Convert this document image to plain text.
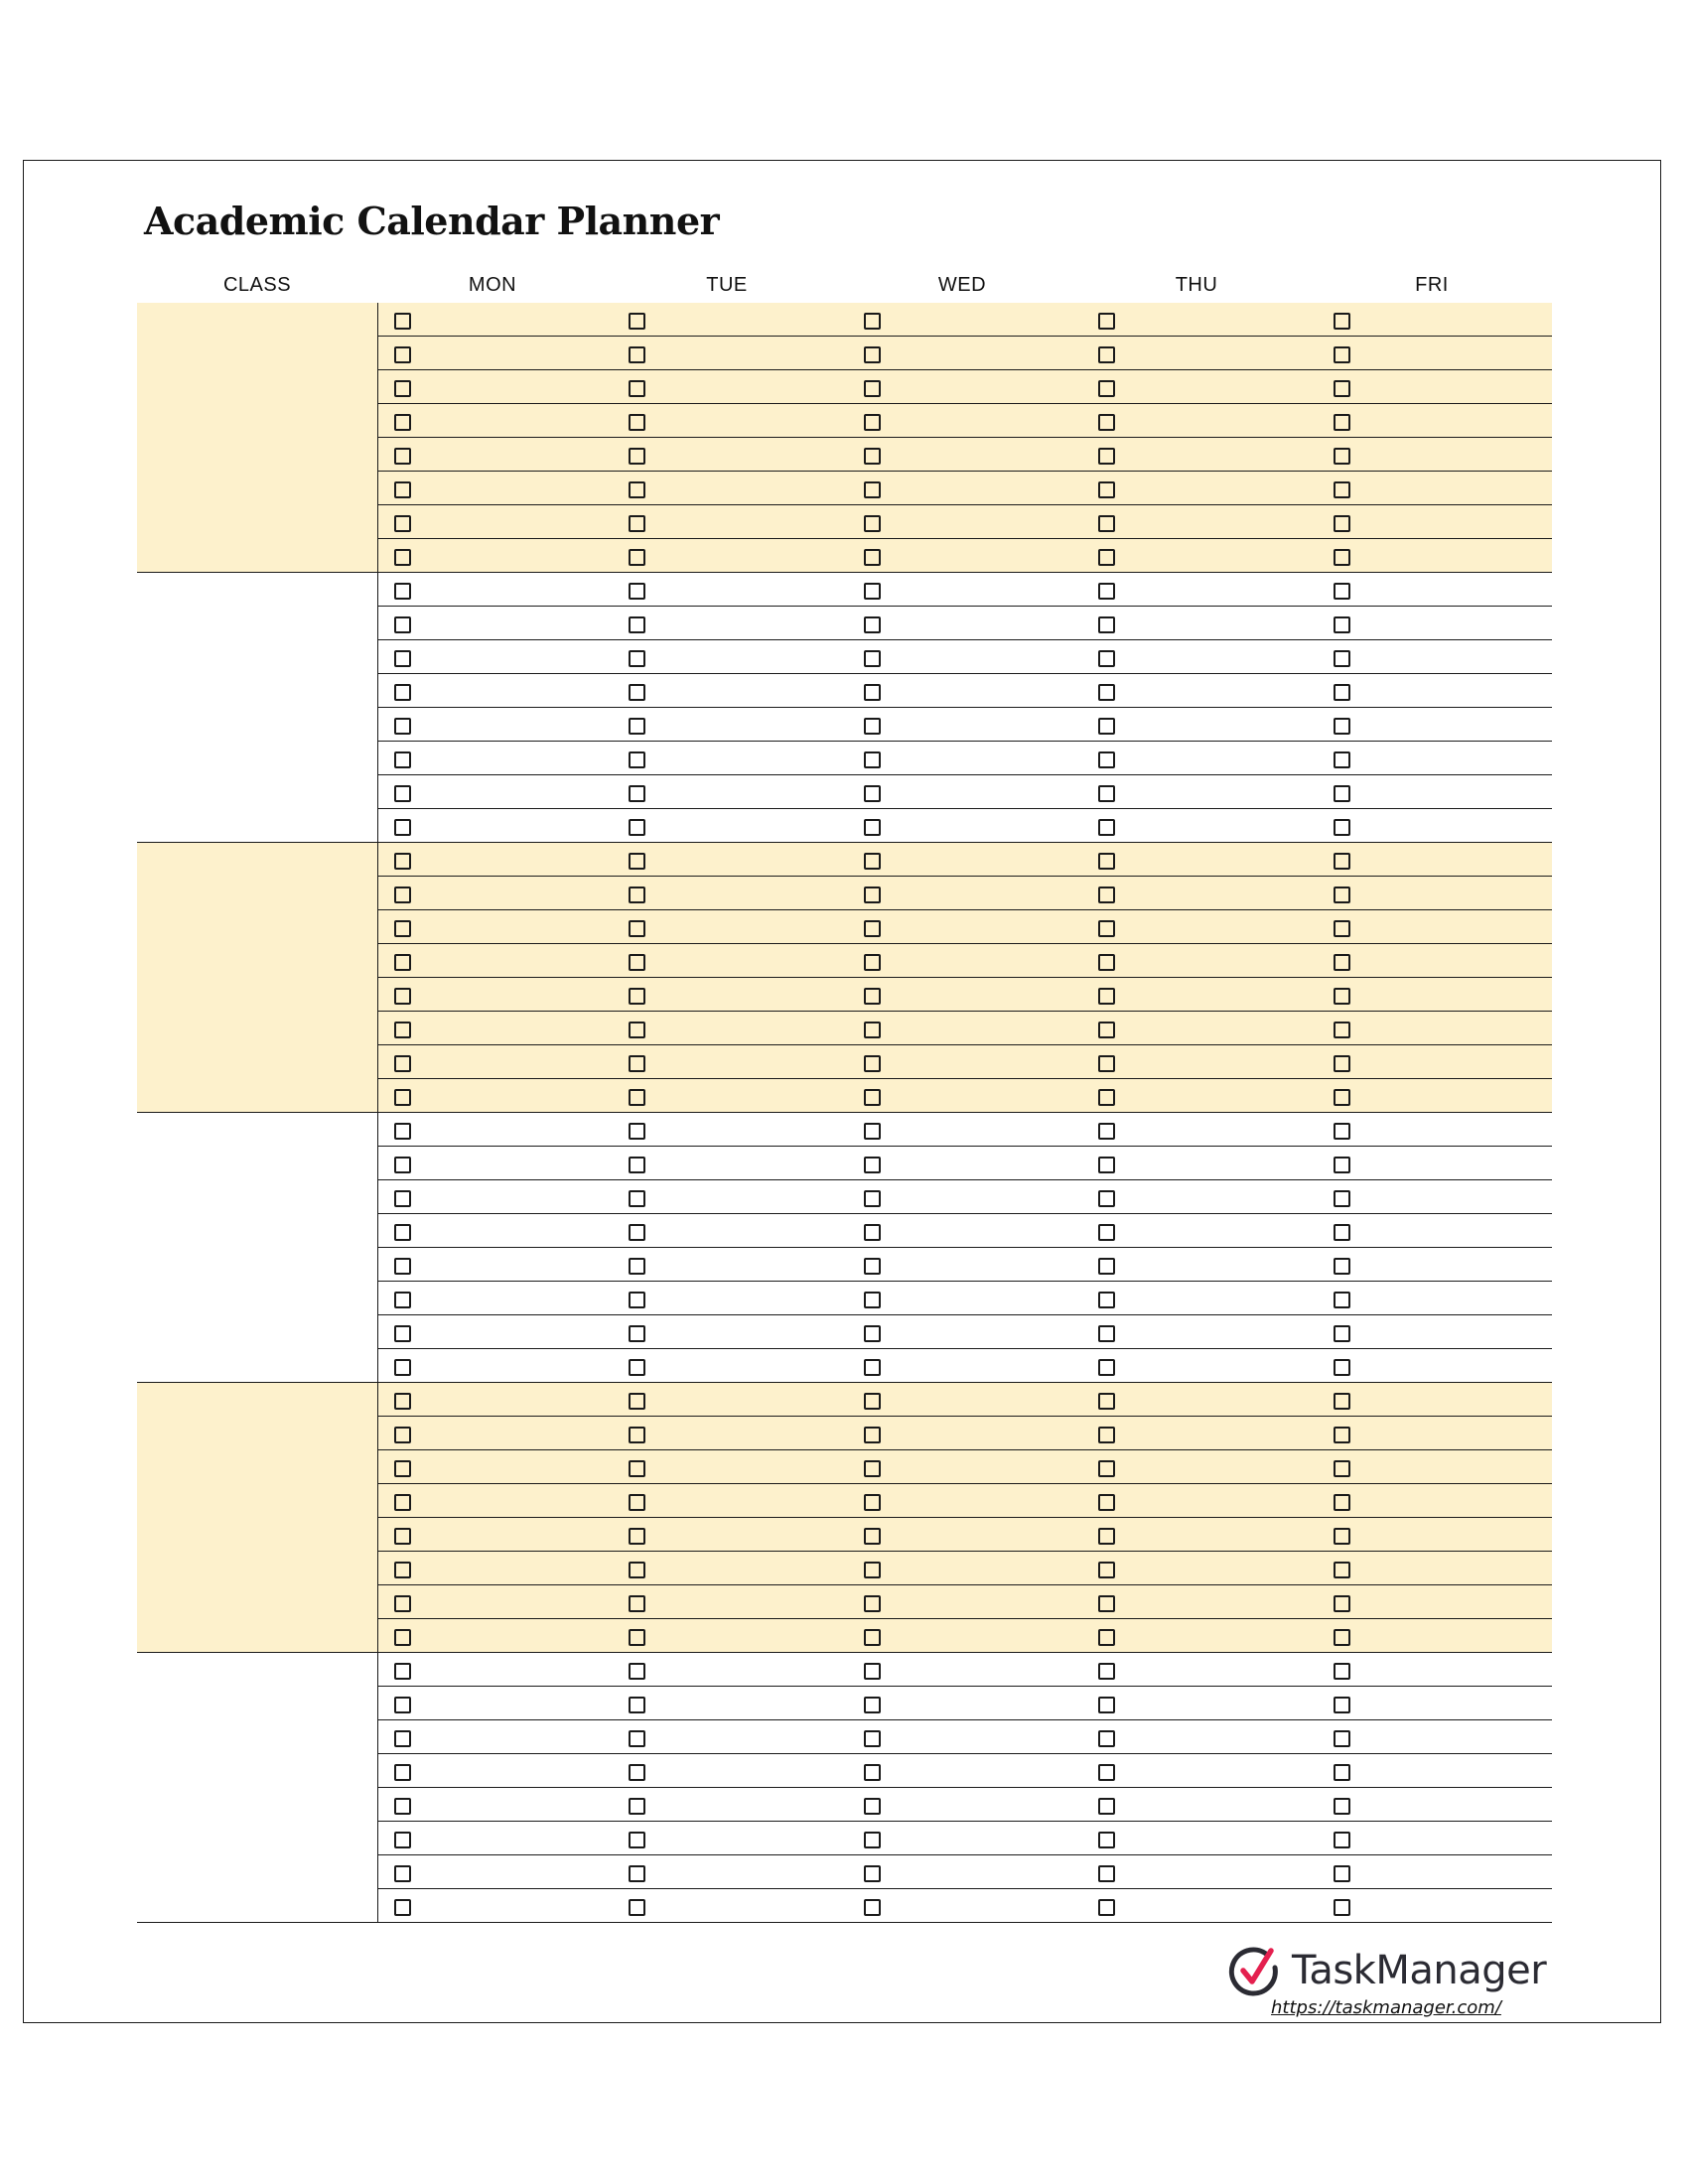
Academic Calendar Planner
CLASS	MON	TUE	WED	THU	FRI
TaskManager
https://taskmanager.com/
